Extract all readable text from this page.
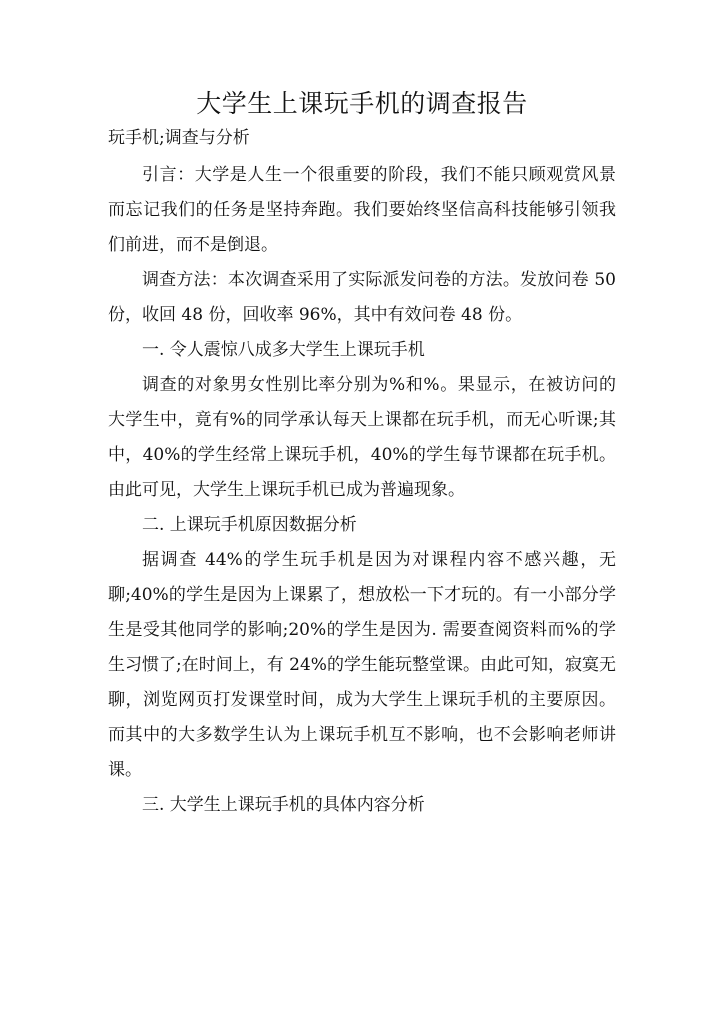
大学生上课玩手机的调查报告

玩手机;调查与分析

引言：大学是人生一个很重要的阶段，我们不能只顾观赏风景而忘记我们的任务是坚持奔跑。我们要始终坚信高科技能够引领我们前进，而不是倒退。

调查方法：本次调查采用了实际派发问卷的方法。发放问卷 50 份，收回 48 份，回收率 96%，其中有效问卷 48 份。

一. 令人震惊八成多大学生上课玩手机

调查的对象男女性别比率分别为%和%。果显示，在被访问的大学生中，竟有%的同学承认每天上课都在玩手机，而无心听课;其中，40%的学生经常上课玩手机，40%的学生每节课都在玩手机。由此可见，大学生上课玩手机已成为普遍现象。

二. 上课玩手机原因数据分析

据调查 44%的学生玩手机是因为对课程内容不感兴趣，无聊;40%的学生是因为上课累了，想放松一下才玩的。有一小部分学生是受其他同学的影响;20%的学生是因为. 需要查阅资料而%的学生习惯了;在时间上，有 24%的学生能玩整堂课。由此可知，寂寞无聊，浏览网页打发课堂时间，成为大学生上课玩手机的主要原因。而其中的大多数学生认为上课玩手机互不影响，也不会影响老师讲课。

三. 大学生上课玩手机的具体内容分析
